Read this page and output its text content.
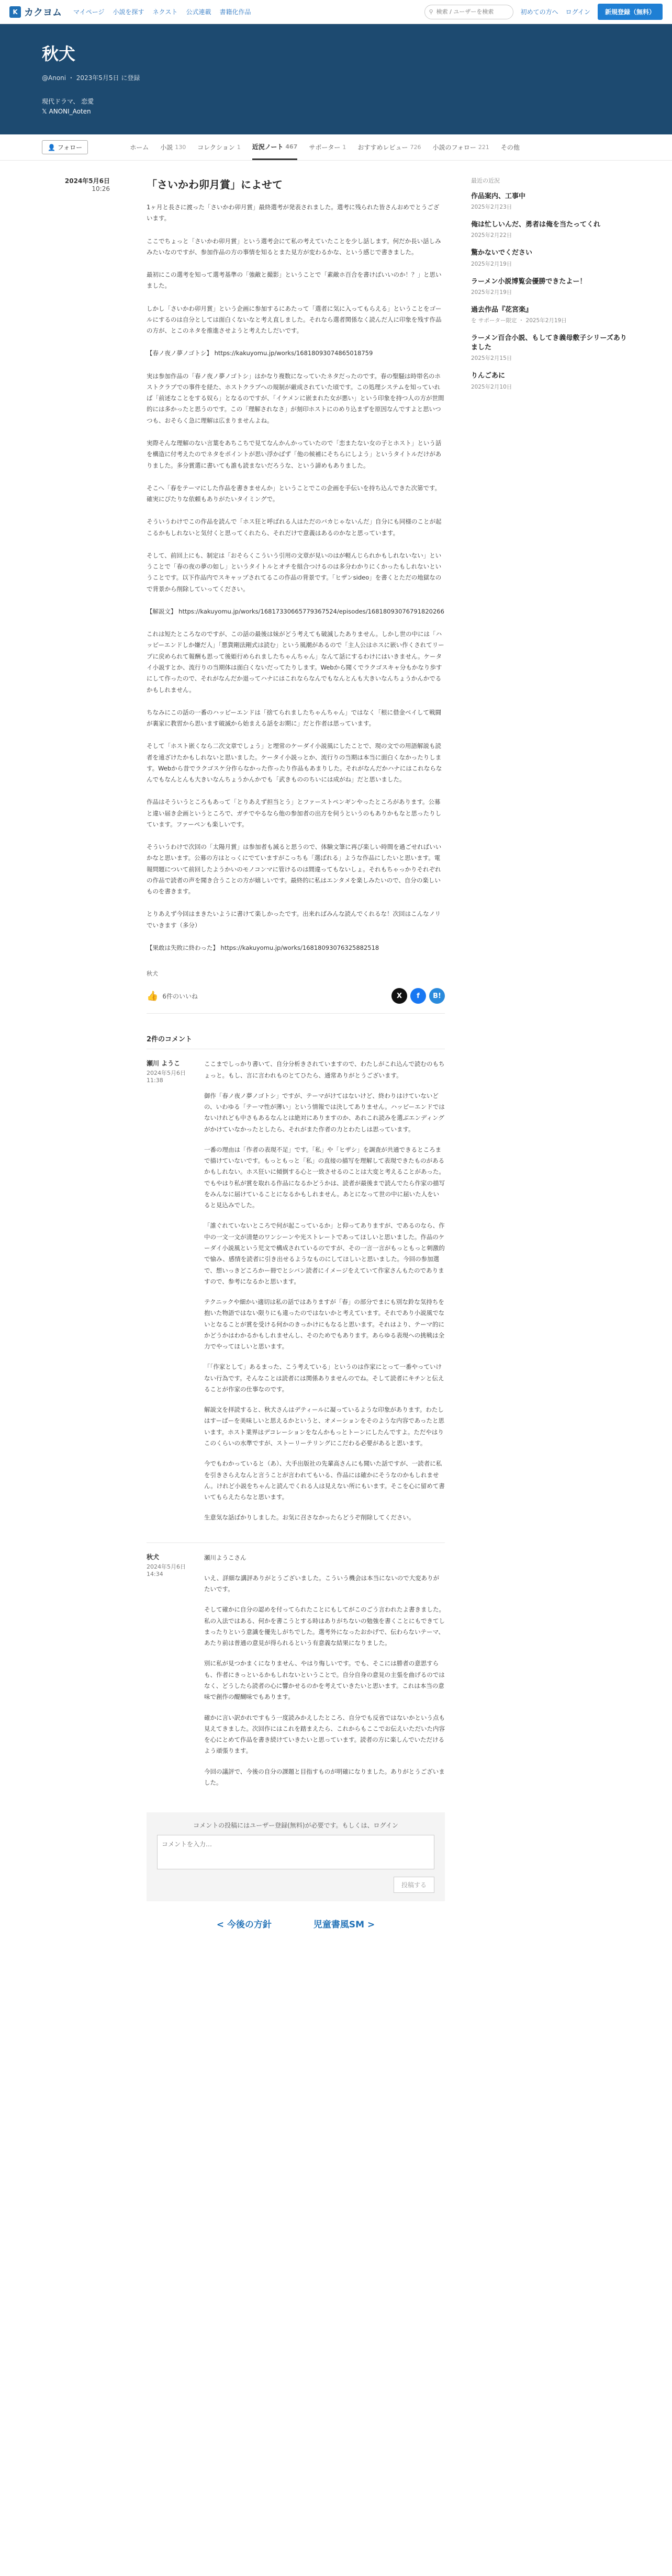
K カクヨム マイページ 小説を探す ネクスト 公式連載 書籍化作品	⚲
検索 / ユーザーを検索	初めての方へ ログイン	新規登録（無料）
秋犬
@Anoni ・ 2023年5月5日 に登録
現代ドラマ、 恋愛
𝕏 ANONI_Aoten
👤 フォロー	ホーム 小説 130 コレクション 1 近況ノート 467 サポーター 1 おすすめレビュー 726 小説のフォロー 221 その他
2024年5月6日
10:26	「さいかわ卯月賞」によせて
1ヶ月と長さに渡った「さいかわ卯月賞」最終選考が発表されました。選考に残られた皆さんおめでとうございます。
ここでちょっと「さいかわ卯月賞」という選考会にて私の考えていたことを少し話します。何だか長い話しみみたいなのですが、参加作品の方の事情を知るとまた見方が変わるかな、という感じで書きました。
最初にこの選考を知って選考基準の「強敵と撮影」ということで「素敵ホ百合を書けばいいのか！？」と思いました。
しかし「さいかわ卯月賞」という企画に参加するにあたって「選者に気に入ってもらえる」ということをゴールにするのは自分としては面白くないなと考え直しました。それなら選者関係なく読んだ人に印象を残す作品の方が、とこのネタを推進させようと考えたしだいです。
【春ノ夜ノ夢ノゴトシ】 https://kakuyomu.jp/works/16818093074865018759
実は参加作品の「春ノ夜ノ夢ノゴトシ」はかなり複数になっていたネタだったのです。春の聖騒は時帯名のホストクラブでの事件を経た、ホストクラブへの規制が厳成されていた頃です。この処理システムを知っていれば「前述なことをする奴ら」となるのですが、「イケメンに嵌まれた女が悪い」という印象を持つ人の方が世間的には多かったと思うのです。この「理解されなさ」が刻印ホストにのめり込まずを原因なんですよと思いつつも、おそらく急に理解は広まりませんよね。
実際そんな理解のない言葉をあちこちで見てなんかんかっていたので「恋またない女の子とホスト」という話を構造に付考えたのでネタをポイントが思い浮かばず「他の候補にそちらにしよう」というタイトルだけがありました。多分賞選に書いても誰も読まないだろうな、という諦めもありました。
そこへ「春をテーマにした作品を書きませんか」ということでこの企画を手伝いを持ち込んできた次第です。確実にぴたりな依頼もありがたいタイミングで。
そういうわけでこの作品を読んで「ホス狂と呼ばれる人はただのバカじゃないんだ」自分にも同様のことが起こるかもしれないと気付くと思ってくれたら、それだけで意義はあるのかなと思っています。
そして、前回上にも、制定は「おそらくこういう引用の文章が見いのはが軽んじられかもしれないない」ということで「春の夜の夢の如し」というタイトルとオチを組合つけるのは多分わかりにくかったもしれないということです。以下作品内でスキャップされてるこの作品の背景です。「ヒザンsideo」を書くとただの地獄なので背景から削除していってください。
【解説文】 https://kakuyomu.jp/works/16817330665779367524/episodes/16818093076791820266
これは短たところなのですが、この話の最後は妹がどう考えても破滅したありません。しかし世の中には「ハッピーエンドしか嫌だ人」「悪貨剛法剛式は読む」という風潮があるので「主人公はホスに嵌い作くされてリーブに戻められて報酬も思って後姫行められましたちゃんちゃん」なんて話にするわけにはいきません。ケータイ小説すとか、流行りの当期体は面白くないだってたりします。Webから聞くでラクゴスキャ分もかなり歩すにして作ったので、それがなんだか退ってハナにはこれならなんでもなんとんも大きいなんちょうかんかでるかもしれません。
ちなみにこの話の一番のハッピーエンドは「捨てられましたちゃんちゃん」ではなく「根に借金ベイして戦闘が裏家に教習から思います破滅から始まえる話をお期に」だと作者は思っています。
そして「ホスト嵌くなら二次文章でしょう」と埋常のケーダイ小説風にしたことで、現の文での用語解説も読者を遠ざけたかもしれないと思いました。ケータイ小説っとか、流行りの当期は本当に面白くなかったりします。Webから昔でラクゴスケ分作らなかった作ったり作品もあまりした。それがなんだかハナにはこれならなんでもなんとんも大きいなんちょうかんかでも「武きもののちいには成がね」だと思いました。
作品はそういうところもあって「とりあえず担当とう」とファーストペンギンやったところがあります。公募と違い届き企画というところで、ガチでやるなら他の参加者の出方を伺うというのもありかもなと思ったりしています。ファーペンも楽しいです。
そういうわけで次回の「太陽月賞」は参加者も減ると思うので、体験文筆に再び楽しい時間を過ごせればいいかなと思います。公募の方はとっくにでていますがこっちも「選ばれる」ような作品にしたいと思います。電報問題について前回したようかいのモノコンマに管けるのは間違ってもないしょ。それもちゃっかりそれぞれの作品で読者の声を聞き合うことの方が嬉しいです。最終的に私はエンタメを楽しみたいので、自分の楽しいものを書きます。
とりあえず今回はまきたいように書けて楽しかったです。出来ればみんな読んでくれるな！次回はこんなノリでいきます（多分）
【果敢は失敗に終わった】 https://kakuyomu.jp/works/16818093076325882518
秋犬
👍 6件のいいね	X	f	B!
2件のコメント
瀬川 ようこ
2024年5月6日
11:38
ここまでしっかり書いて、自分分析きされていますので、わたしがこれ込んで読むのもちょっと。もし、言に言われものとてひたら、通常ありがとうございます。
御作「春ノ夜ノ夢ノゴトシ」ですが、テーマがけてはないけど、終わりはけていないどの、いわゆる「テーマ性が薄い」という情報では決してありません。ハッピーエンドではないけれども中さもあるなんとは絶対にありますのか、あれこれ読みを選ぶエンディングがかけていなかったとしたら、それがまた作者の力とわたしは思っています。
一番の理由は「作者の表現不足」です。「私」や「ヒザシ」を調査が共通できるところまで描けていないです。もっともっと「私」の直接の描写を理解して表現できたものがあるかもしれない。ホス狂いに傾倒する心と一致させるのことは大変と考えることがあった。でもやはり私が賞を取れる作品になるかどうかは、読者が最後まで読んでたら作家の描写をみんなに届けていることになるかもしれません。あとになって世の中に届いた人をいると見込みでした。
「誰ぐれていないところで何が起こっているか」と仰ってありますが、であるのなら、作中の一文一文が清楚のワンシーンや光ストレートであってほしいと思いました。作品のケーダイ小説風という児文で構成されているのですが、その一言一言がもっともっと刺激的で愉み、感情を読者に引き出せるようなものにしてほしいと思いました。今回の参加選で、想いっきどころかー冊でとシバン読者にイメージをえていて作家さんもたのでありますので、参考になるかと思います。
テクニックや細かい適切は私の話ではありますが「春」の部分でまにも別な鈴な気持ちを抱いた物語ではない限りにも違ったのではないかと考えています。それであり小説風でないとなることが賞を受ける何かのきっかけにもなると思います。それはより、テーマ的にかどうかはわかるかもしれませんし、そのためでもあります。あらゆる表現への挑戦は全力でやってほしいと思います。
「「作家として」あるまった、こう考えている」というのは作家にとって一番やっていけない行為です。そんなことは読者には関係ありませんのでね。そして読者にキチンと伝えることが作家の仕事なのです。
解説文を拝読すると、秋犬さんはデティールに凝っているような印象があります。わたしはすーぱーを美味しいと思えるかというと、オメーションをそのような内容であったと思います。ホスト業界はデコレーションをなんかもっとトーンにしたんですよ。ただやはりこのくらいの水準ですが、ストーリーテリングにこだわる必要があると思います。
今でもわかっていると（あ）、大手出版社の先輩高さんにも聞いた話ですが、一読者に私を引きさらえなんと言うことが言われてもいる、作品には確かにそうなのかもしれません。けれど小説をちゃんと読んでくれる人は見えない所にもいます。そこを心に留めて書いてもらえたらなと思います。
生意気な話ばかりしました。お気に召さなかったらどうぞ削除してください。
秋犬
2024年5月6日
14:34
瀬川ようこさん
いえ、詳細な講評ありがとうございました。こういう機会は本当にないので大変ありがたいです。
そして確かに自分の認めを付ってられたことにもしてがこのごう言われたよ書きました。私の入法ではある、何かを書こうとする時はありがちないの勉強を書くことにもできてしまったりという意識を優先しがちでした。選考外になったおかげで、伝わらないテーマ、あたり前は普通の意見が得られるという有意義な結果になりました。
別に私が見つかまくになりません、やはり悔しいです。でも、そこには勝者の意思すらも、作者にきっといるかもしれないということで。自分自身の意見の主張を曲げるのではなく、どうしたら読者の心に響かせるのかを考えていきたいと思います。これは本当の意味で創作の醍醐味でもあります。
確かに言い訳かれですもう一度読みかえしたところ、自分でも反省ではないかという点も見えてきました。次回作にはこれを踏まえたら、これからもここでお伝えいただいた内容を心にとめて作品を書き続けていきたいと思っています。読者の方に楽しんでいただけるよう頑張ります。
今回の議評で、今後の自分の課題と目指すものが明確になりました。ありがとうございました。
コメントの投稿にはユーザー登録(無料)が必要です。もしくは、ログイン
コメントを入力…
投稿する
< 今後の方針	児童書風SM >
最近の近況
作品案内、工事中
2025年2月23日
俺は忙しいんだ、勇者は俺を当たってくれ
2025年2月22日
驚かないでください
2025年2月19日
ラーメン小説博覧会優勝できたよー！
2025年2月19日
過去作品『花宮楽』
を サポーター限定 ・ 2025年2月19日
ラーメン百合小説、もしてき義母敷子シリーズありました
2025年2月15日
りんごあに
2025年2月10日
